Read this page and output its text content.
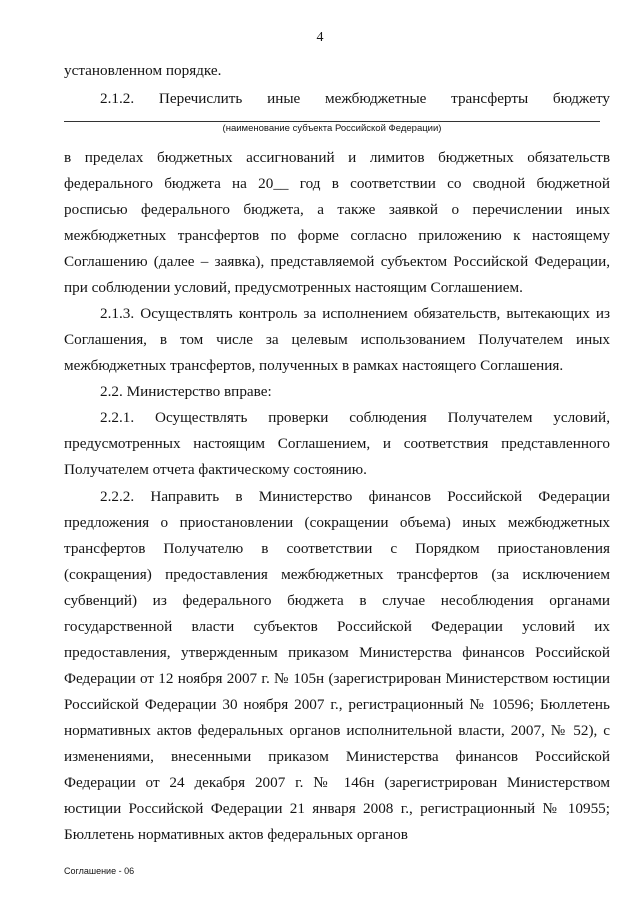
4
установленном порядке.
2.1.2. Перечислить иные межбюджетные трансферты бюджету
(наименование субъекта Российской Федерации)
в пределах бюджетных ассигнований и лимитов бюджетных обязательств федерального бюджета на 20__ год в соответствии со сводной бюджетной росписью федерального бюджета, а также заявкой о перечислении иных межбюджетных трансфертов по форме согласно приложению к настоящему Соглашению (далее – заявка), представляемой субъектом Российской Федерации, при соблюдении условий, предусмотренных настоящим Соглашением.
2.1.3. Осуществлять контроль за исполнением обязательств, вытекающих из Соглашения, в том числе за целевым использованием Получателем иных межбюджетных трансфертов, полученных в рамках настоящего Соглашения.
2.2. Министерство вправе:
2.2.1. Осуществлять проверки соблюдения Получателем условий, предусмотренных настоящим Соглашением, и соответствия представленного Получателем отчета фактическому состоянию.
2.2.2. Направить в Министерство финансов Российской Федерации предложения о приостановлении (сокращении объема) иных межбюджетных трансфертов Получателю в соответствии с Порядком приостановления (сокращения) предоставления межбюджетных трансфертов (за исключением субвенций) из федерального бюджета в случае несоблюдения органами государственной власти субъектов Российской Федерации условий их предоставления, утвержденным приказом Министерства финансов Российской Федерации от 12 ноября 2007 г. № 105н (зарегистрирован Министерством юстиции Российской Федерации 30 ноября 2007 г., регистрационный № 10596; Бюллетень нормативных актов федеральных органов исполнительной власти, 2007, № 52), с изменениями, внесенными приказом Министерства финансов Российской Федерации от 24 декабря 2007 г. № 146н (зарегистрирован Министерством юстиции Российской Федерации 21 января 2008 г., регистрационный № 10955; Бюллетень нормативных актов федеральных органов
Соглашение - 06
